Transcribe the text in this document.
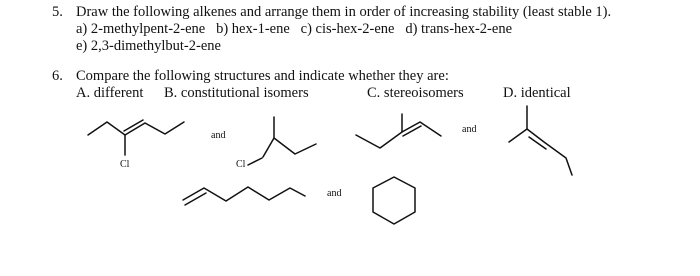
5. Draw the following alkenes and arrange them in order of increasing stability (least stable 1).
a) 2-methylpent-2-ene   b) hex-1-ene   c) cis-hex-2-ene   d) trans-hex-2-ene
e) 2,3-dimethylbut-2-ene
6. Compare the following structures and indicate whether they are:
A. different B. constitutional isomers	C. stereoisomers	D. identical
and
and
and
Cl	Cl
